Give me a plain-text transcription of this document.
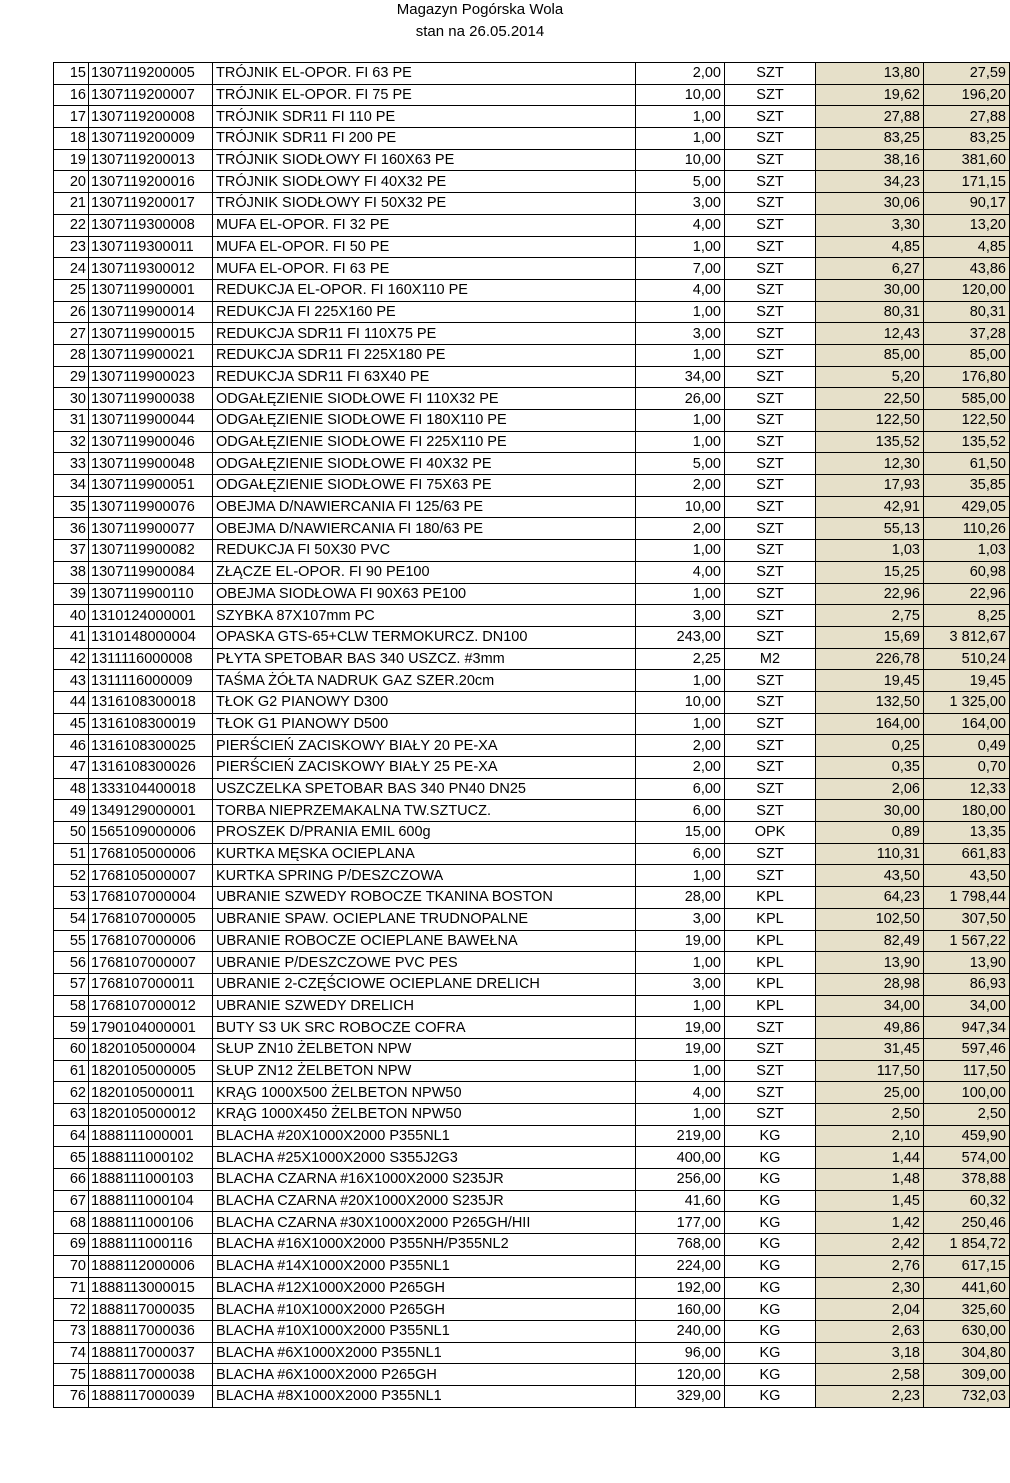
Magazyn Pogórska Wola
stan na 26.05.2014
15	1307119200005	TRÓJNIK EL-OPOR. FI 63 PE	2,00	SZT	13,80	27,59
16	1307119200007	TRÓJNIK EL-OPOR. FI 75 PE	10,00	SZT	19,62	196,20
17	1307119200008	TRÓJNIK SDR11 FI 110 PE	1,00	SZT	27,88	27,88
18	1307119200009	TRÓJNIK SDR11 FI 200 PE	1,00	SZT	83,25	83,25
19	1307119200013	TRÓJNIK SIODŁOWY FI 160X63 PE	10,00	SZT	38,16	381,60
20	1307119200016	TRÓJNIK SIODŁOWY FI 40X32 PE	5,00	SZT	34,23	171,15
21	1307119200017	TRÓJNIK SIODŁOWY FI 50X32 PE	3,00	SZT	30,06	90,17
22	1307119300008	MUFA EL-OPOR. FI 32 PE	4,00	SZT	3,30	13,20
23	1307119300011	MUFA EL-OPOR. FI 50 PE	1,00	SZT	4,85	4,85
24	1307119300012	MUFA EL-OPOR. FI 63 PE	7,00	SZT	6,27	43,86
25	1307119900001	REDUKCJA EL-OPOR. FI 160X110 PE	4,00	SZT	30,00	120,00
26	1307119900014	REDUKCJA FI 225X160 PE	1,00	SZT	80,31	80,31
27	1307119900015	REDUKCJA SDR11 FI 110X75 PE	3,00	SZT	12,43	37,28
28	1307119900021	REDUKCJA SDR11 FI 225X180 PE	1,00	SZT	85,00	85,00
29	1307119900023	REDUKCJA SDR11 FI 63X40 PE	34,00	SZT	5,20	176,80
30	1307119900038	ODGAŁĘZIENIE SIODŁOWE FI 110X32 PE	26,00	SZT	22,50	585,00
31	1307119900044	ODGAŁĘZIENIE SIODŁOWE FI 180X110 PE	1,00	SZT	122,50	122,50
32	1307119900046	ODGAŁĘZIENIE SIODŁOWE FI 225X110 PE	1,00	SZT	135,52	135,52
33	1307119900048	ODGAŁĘZIENIE SIODŁOWE FI 40X32 PE	5,00	SZT	12,30	61,50
34	1307119900051	ODGAŁĘZIENIE SIODŁOWE FI 75X63 PE	2,00	SZT	17,93	35,85
35	1307119900076	OBEJMA D/NAWIERCANIA FI 125/63 PE	10,00	SZT	42,91	429,05
36	1307119900077	OBEJMA D/NAWIERCANIA FI 180/63 PE	2,00	SZT	55,13	110,26
37	1307119900082	REDUKCJA FI 50X30 PVC	1,00	SZT	1,03	1,03
38	1307119900084	ZŁĄCZE EL-OPOR. FI 90 PE100	4,00	SZT	15,25	60,98
39	1307119900110	OBEJMA SIODŁOWA FI 90X63 PE100	1,00	SZT	22,96	22,96
40	1310124000001	SZYBKA 87X107mm PC	3,00	SZT	2,75	8,25
41	1310148000004	OPASKA GTS-65+CLW TERMOKURCZ. DN100	243,00	SZT	15,69	3 812,67
42	1311116000008	PŁYTA SPETOBAR BAS 340 USZCZ. #3mm	2,25	M2	226,78	510,24
43	1311116000009	TAŚMA ŻÓŁTA NADRUK GAZ SZER.20cm	1,00	SZT	19,45	19,45
44	1316108300018	TŁOK G2 PIANOWY D300	10,00	SZT	132,50	1 325,00
45	1316108300019	TŁOK G1 PIANOWY D500	1,00	SZT	164,00	164,00
46	1316108300025	PIERŚCIEŃ ZACISKOWY BIAŁY 20 PE-XA	2,00	SZT	0,25	0,49
47	1316108300026	PIERŚCIEŃ ZACISKOWY BIAŁY 25 PE-XA	2,00	SZT	0,35	0,70
48	1333104400018	USZCZELKA SPETOBAR BAS 340 PN40 DN25	6,00	SZT	2,06	12,33
49	1349129000001	TORBA NIEPRZEMAKALNA TW.SZTUCZ.	6,00	SZT	30,00	180,00
50	1565109000006	PROSZEK D/PRANIA EMIL 600g	15,00	OPK	0,89	13,35
51	1768105000006	KURTKA MĘSKA OCIEPLANA	6,00	SZT	110,31	661,83
52	1768105000007	KURTKA SPRING P/DESZCZOWA	1,00	SZT	43,50	43,50
53	1768107000004	UBRANIE SZWEDY ROBOCZE TKANINA BOSTON	28,00	KPL	64,23	1 798,44
54	1768107000005	UBRANIE SPAW. OCIEPLANE TRUDNOPALNE	3,00	KPL	102,50	307,50
55	1768107000006	UBRANIE ROBOCZE OCIEPLANE BAWEŁNA	19,00	KPL	82,49	1 567,22
56	1768107000007	UBRANIE P/DESZCZOWE PVC PES	1,00	KPL	13,90	13,90
57	1768107000011	UBRANIE 2-CZĘŚCIOWE OCIEPLANE DRELICH	3,00	KPL	28,98	86,93
58	1768107000012	UBRANIE SZWEDY DRELICH	1,00	KPL	34,00	34,00
59	1790104000001	BUTY S3 UK SRC ROBOCZE COFRA	19,00	SZT	49,86	947,34
60	1820105000004	SŁUP ZN10 ŻELBETON NPW	19,00	SZT	31,45	597,46
61	1820105000005	SŁUP ZN12 ŻELBETON NPW	1,00	SZT	117,50	117,50
62	1820105000011	KRĄG 1000X500 ŻELBETON NPW50	4,00	SZT	25,00	100,00
63	1820105000012	KRĄG 1000X450 ŻELBETON NPW50	1,00	SZT	2,50	2,50
64	1888111000001	BLACHA #20X1000X2000 P355NL1	219,00	KG	2,10	459,90
65	1888111000102	BLACHA #25X1000X2000 S355J2G3	400,00	KG	1,44	574,00
66	1888111000103	BLACHA CZARNA #16X1000X2000 S235JR	256,00	KG	1,48	378,88
67	1888111000104	BLACHA CZARNA #20X1000X2000 S235JR	41,60	KG	1,45	60,32
68	1888111000106	BLACHA CZARNA #30X1000X2000 P265GH/HII	177,00	KG	1,42	250,46
69	1888111000116	BLACHA #16X1000X2000 P355NH/P355NL2	768,00	KG	2,42	1 854,72
70	1888112000006	BLACHA #14X1000X2000 P355NL1	224,00	KG	2,76	617,15
71	1888113000015	BLACHA #12X1000X2000 P265GH	192,00	KG	2,30	441,60
72	1888117000035	BLACHA #10X1000X2000 P265GH	160,00	KG	2,04	325,60
73	1888117000036	BLACHA #10X1000X2000 P355NL1	240,00	KG	2,63	630,00
74	1888117000037	BLACHA #6X1000X2000 P355NL1	96,00	KG	3,18	304,80
75	1888117000038	BLACHA #6X1000X2000 P265GH	120,00	KG	2,58	309,00
76	1888117000039	BLACHA #8X1000X2000 P355NL1	329,00	KG	2,23	732,03
